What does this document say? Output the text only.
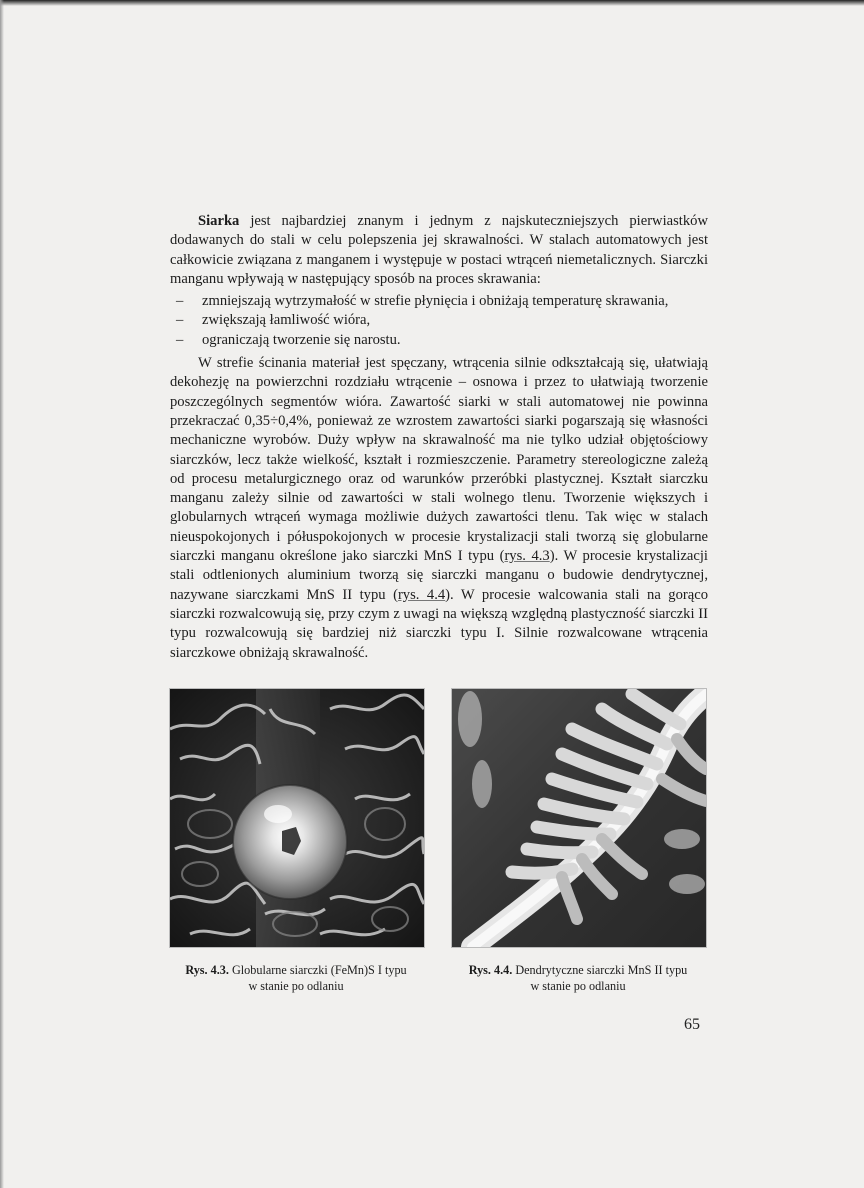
Siarka jest najbardziej znanym i jednym z najskuteczniejszych pierwiastków dodawanych do stali w celu polepszenia jej skrawalności. W stalach automatowych jest całkowicie związana z manganem i występuje w postaci wtrąceń niemetalicznych. Siarczki manganu wpływają w następujący sposób na proces skrawania:

– zmniejszają wytrzymałość w strefie płynięcia i obniżają temperaturę skrawania,
– zwiększają łamliwość wióra,
– ograniczają tworzenie się narostu.

W strefie ścinania materiał jest spęczany, wtrącenia silnie odkształcają się, ułatwiają dekohezję na powierzchni rozdziału wtrącenie – osnowa i przez to ułatwiają tworzenie poszczególnych segmentów wióra. Zawartość siarki w stali automatowej nie powinna przekraczać 0,35÷0,4%, ponieważ ze wzrostem zawartości siarki pogarszają się własności mechaniczne wyrobów. Duży wpływ na skrawalność ma nie tylko udział objętościowy siarczków, lecz także wielkość, kształt i rozmieszczenie. Parametry stereologiczne zależą od procesu metalurgicznego oraz od warunków przeróbki plastycznej. Kształt siarczku manganu zależy silnie od zawartości w stali wolnego tlenu. Tworzenie większych i globularnych wtrąceń wymaga możliwie dużych zawartości tlenu. Tak więc w stalach nieuspokojonych i półuspokojonych w procesie krystalizacji stali tworzą się globularne siarczki manganu określone jako siarczki MnS I typu (rys. 4.3). W procesie krystalizacji stali odtlenionych aluminium tworzą się siarczki manganu o budowie dendrytycznej, nazywane siarczkami MnS II typu (rys. 4.4). W procesie walcowania stali na gorąco siarczki rozwalcowują się, przy czym z uwagi na większą względną plastyczność siarczki II typu rozwalcowują się bardziej niż siarczki typu I. Silnie rozwalcowane wtrącenia siarczkowe obniżają skrawalność.

Rys. 4.3. Globularne siarczki (FeMn)S I typu
w stanie po odlaniu
Rys. 4.4. Dendrytyczne siarczki MnS II typu
w stanie po odlaniu
65
